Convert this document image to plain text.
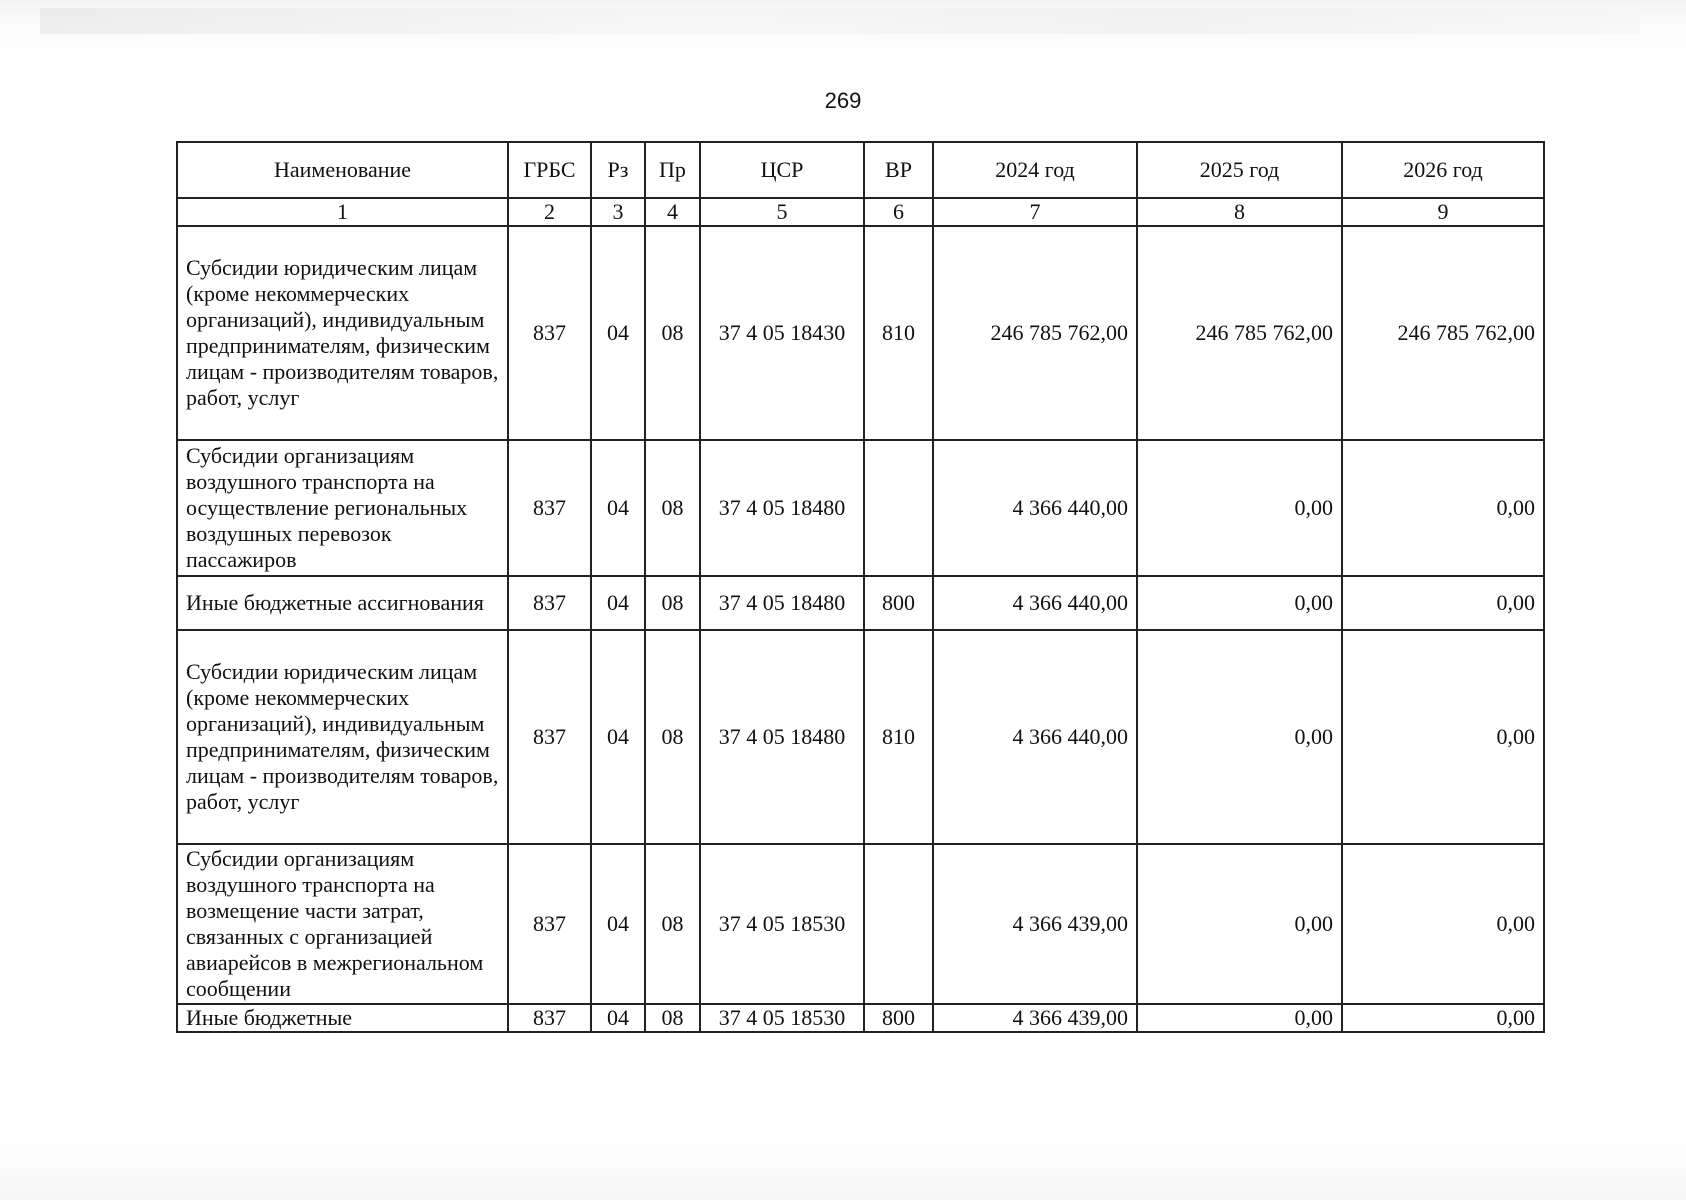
269
Наименование	ГРБС	Рз	Пр	ЦСР	ВР	2024 год	2025 год	2026 год
1	2	3	4	5	6	7	8	9
Субсидии юридическим лицам (кроме некоммерческих организаций), индивидуальным предпринимателям, физическим лицам - производителям товаров, работ, услуг	837	04	08	37 4 05 18430	810	246 785 762,00	246 785 762,00	246 785 762,00
Субсидии организациям воздушного транспорта на осуществление региональных воздушных перевозок пассажиров	837	04	08	37 4 05 18480		4 366 440,00	0,00	0,00
Иные бюджетные ассигнования	837	04	08	37 4 05 18480	800	4 366 440,00	0,00	0,00
Субсидии юридическим лицам (кроме некоммерческих организаций), индивидуальным предпринимателям, физическим лицам - производителям товаров, работ, услуг	837	04	08	37 4 05 18480	810	4 366 440,00	0,00	0,00
Субсидии организациям воздушного транспорта на возмещение части затрат, связанных с организацией авиарейсов в межрегиональном сообщении	837	04	08	37 4 05 18530		4 366 439,00	0,00	0,00
Иные бюджетные	837	04	08	37 4 05 18530	800	4 366 439,00	0,00	0,00
